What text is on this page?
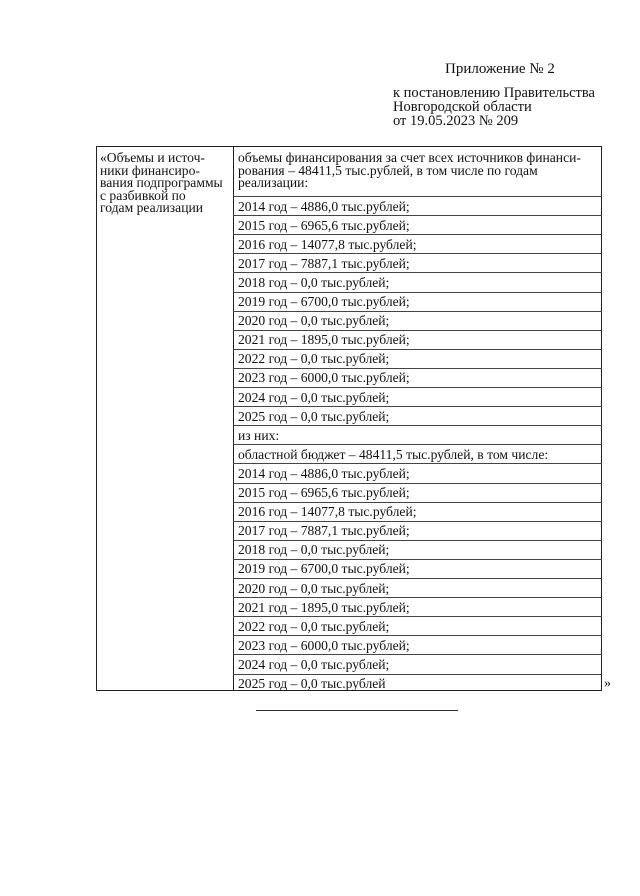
Приложение № 2
к постановлению Правительства
Новгородской области
от 19.05.2023 № 209
«Объемы и источ-
ники финансиро-
вания подпрограммы
с разбивкой по
годам реализации
объемы финансирования за счет всех источников финанси-
рования – 48411,5 тыс.рублей, в том числе по годам
реализации:
2014 год – 4886,0 тыс.рублей;
2015 год – 6965,6 тыс.рублей;
2016 год – 14077,8 тыс.рублей;
2017 год – 7887,1 тыс.рублей;
2018 год – 0,0 тыс.рублей;
2019 год – 6700,0 тыс.рублей;
2020 год – 0,0 тыс.рублей;
2021 год – 1895,0 тыс.рублей;
2022 год – 0,0 тыс.рублей;
2023 год – 6000,0 тыс.рублей;
2024 год – 0,0 тыс.рублей;
2025 год – 0,0 тыс.рублей;
из них:
областной бюджет – 48411,5 тыс.рублей, в том числе:
2014 год – 4886,0 тыс.рублей;
2015 год – 6965,6 тыс.рублей;
2016 год – 14077,8 тыс.рублей;
2017 год – 7887,1 тыс.рублей;
2018 год – 0,0 тыс.рублей;
2019 год – 6700,0 тыс.рублей;
2020 год – 0,0 тыс.рублей;
2021 год – 1895,0 тыс.рублей;
2022 год – 0,0 тыс.рублей;
2023 год – 6000,0 тыс.рублей;
2024 год – 0,0 тыс.рублей;
2025 год – 0,0 тыс.рублей	»
